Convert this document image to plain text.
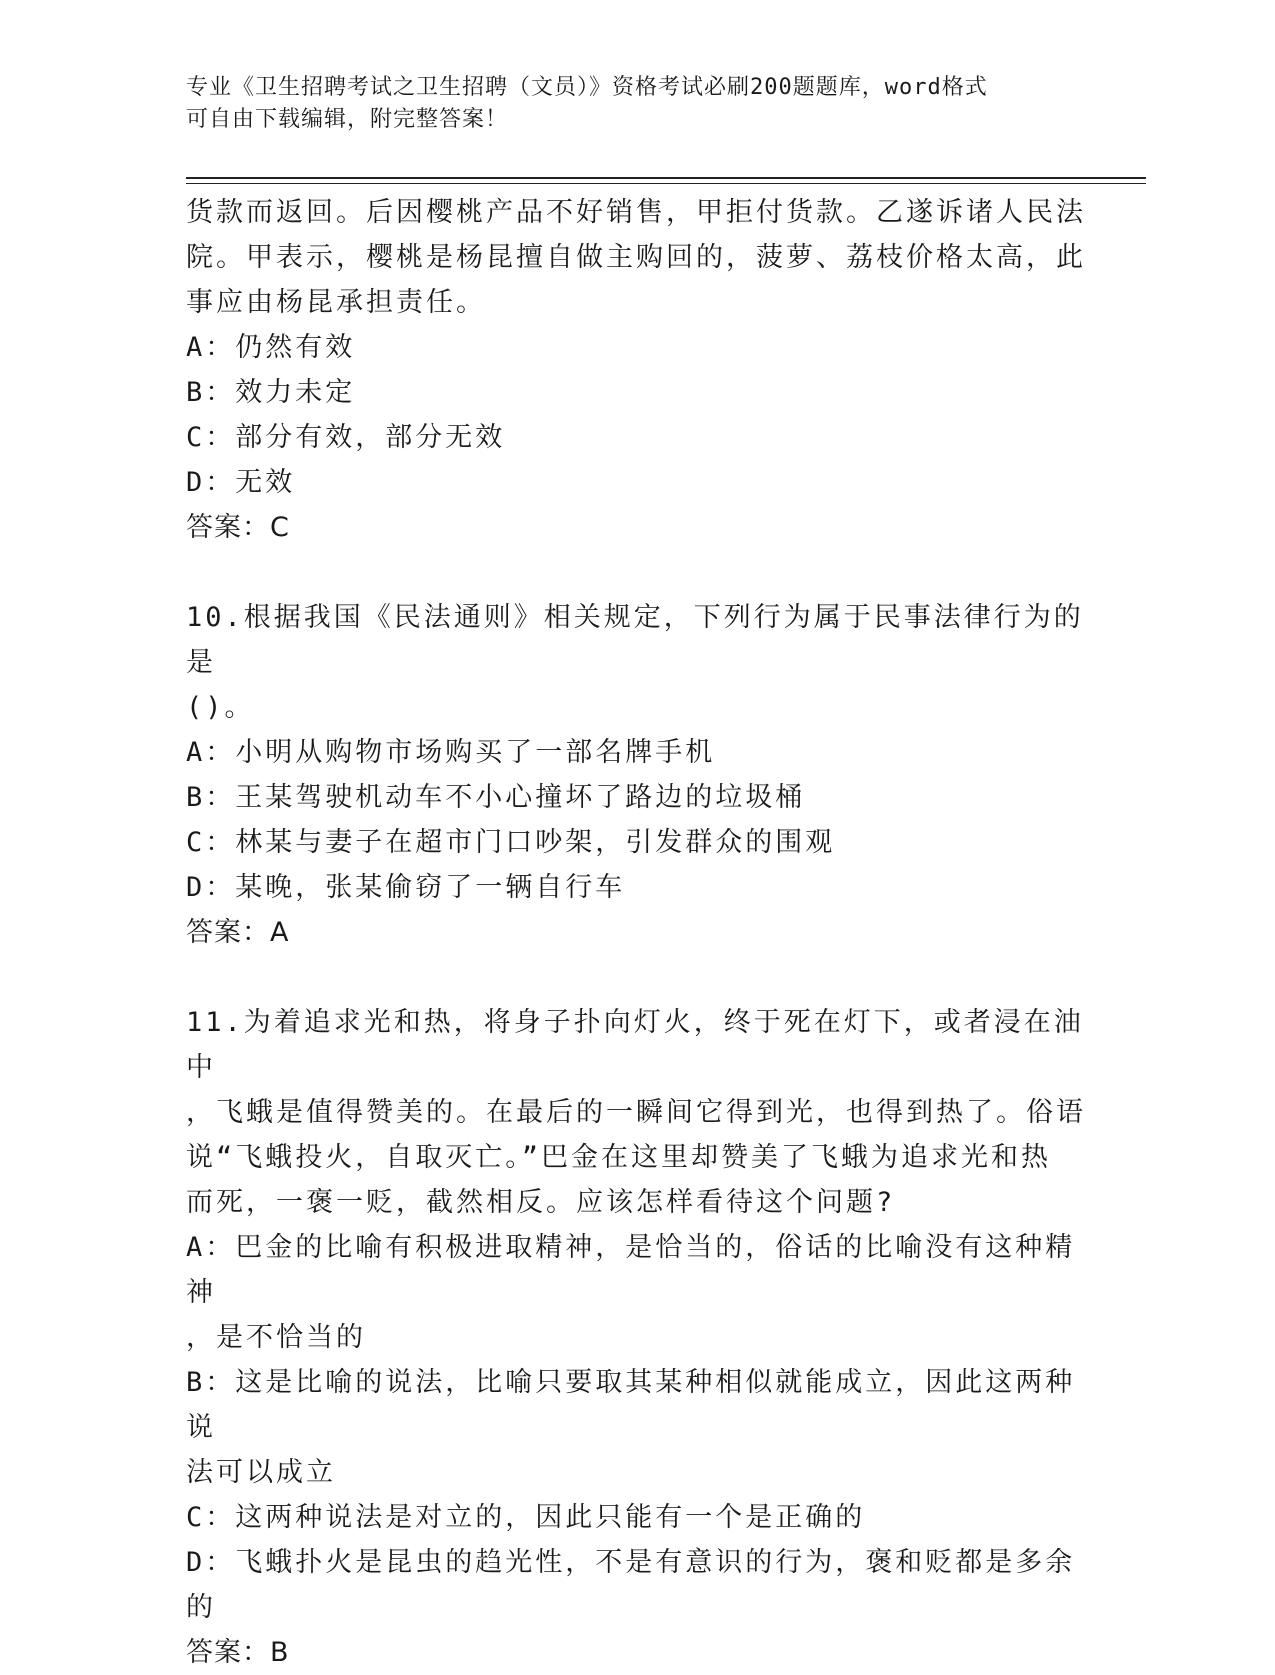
专业《卫生招聘考试之卫生招聘（文员）》资格考试必刷200题题库，word格式
可自由下载编辑，附完整答案！

货款而返回。后因樱桃产品不好销售，甲拒付货款。乙遂诉诸人民法

院。甲表示，樱桃是杨昆擅自做主购回的，菠萝、荔枝价格太高，此

事应由杨昆承担责任。

A：仍然有效

B：效力未定

C：部分有效，部分无效

D：无效

答案：C

10.根据我国《民法通则》相关规定，下列行为属于民事法律行为的是

()。

A：小明从购物市场购买了一部名牌手机

B：王某驾驶机动车不小心撞坏了路边的垃圾桶

C：林某与妻子在超市门口吵架，引发群众的围观

D：某晚，张某偷窃了一辆自行车

答案：A

11.为着追求光和热，将身子扑向灯火，终于死在灯下，或者浸在油中

，飞蛾是值得赞美的。在最后的一瞬间它得到光，也得到热了。俗语

说“飞蛾投火，自取灭亡。”巴金在这里却赞美了飞蛾为追求光和热

而死，一褒一贬，截然相反。应该怎样看待这个问题?

A：巴金的比喻有积极进取精神，是恰当的，俗话的比喻没有这种精神

，是不恰当的

B：这是比喻的说法，比喻只要取其某种相似就能成立，因此这两种说

法可以成立

C：这两种说法是对立的，因此只能有一个是正确的

D：飞蛾扑火是昆虫的趋光性，不是有意识的行为，褒和贬都是多余的

答案：B
